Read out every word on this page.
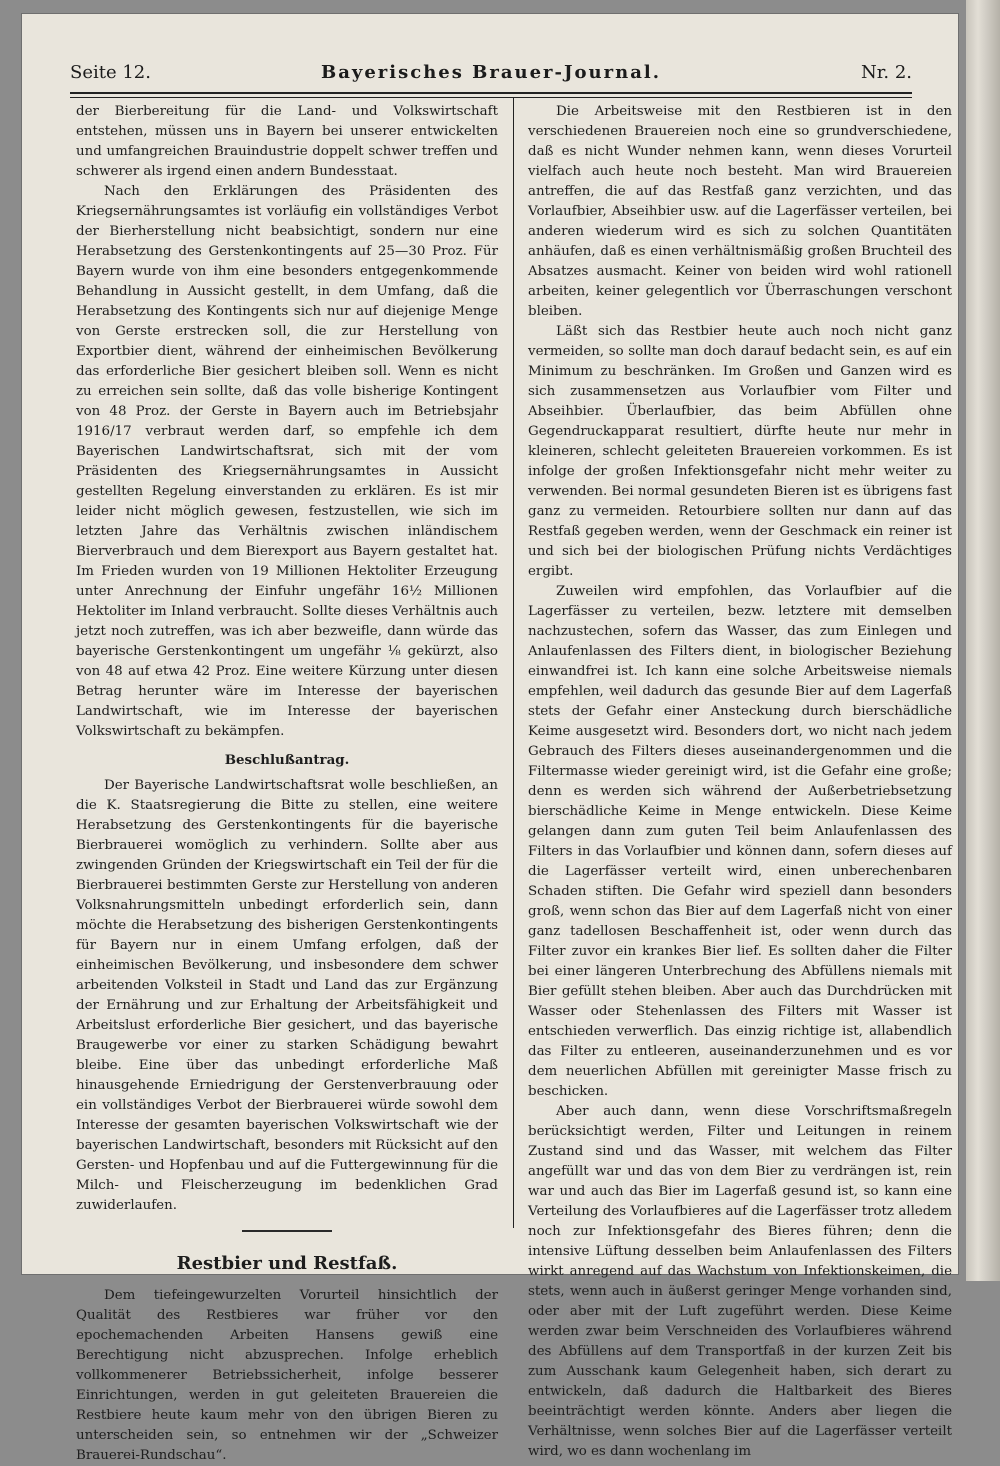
Seite 12.	Bayerisches Brauer-Journal.	Nr. 2.

der Bierbereitung für die Land- und Volkswirtschaft entstehen, müssen uns in Bayern bei unserer entwickelten und umfangreichen Brauindustrie doppelt schwer treffen und schwerer als irgend einen andern Bundesstaat.

Nach den Erklärungen des Präsidenten des Kriegsernährungsamtes ist vorläufig ein vollständiges Verbot der Bierherstellung nicht beabsichtigt, sondern nur eine Herabsetzung des Gerstenkontingents auf 25—30 Proz. Für Bayern wurde von ihm eine besonders entgegenkommende Behandlung in Aussicht gestellt, in dem Umfang, daß die Herabsetzung des Kontingents sich nur auf diejenige Menge von Gerste erstrecken soll, die zur Herstellung von Exportbier dient, während der einheimischen Bevölkerung das erforderliche Bier gesichert bleiben soll. Wenn es nicht zu erreichen sein sollte, daß das volle bisherige Kontingent von 48 Proz. der Gerste in Bayern auch im Betriebsjahr 1916/17 verbraut werden darf, so empfehle ich dem Bayerischen Landwirtschaftsrat, sich mit der vom Präsidenten des Kriegsernährungsamtes in Aussicht gestellten Regelung einverstanden zu erklären. Es ist mir leider nicht möglich gewesen, festzustellen, wie sich im letzten Jahre das Verhältnis zwischen inländischem Bierverbrauch und dem Bierexport aus Bayern gestaltet hat. Im Frieden wurden von 19 Millionen Hektoliter Erzeugung unter Anrechnung der Einfuhr ungefähr 16½ Millionen Hektoliter im Inland verbraucht. Sollte dieses Verhältnis auch jetzt noch zutreffen, was ich aber bezweifle, dann würde das bayerische Gerstenkontingent um ungefähr ⅛ gekürzt, also von 48 auf etwa 42 Proz. Eine weitere Kürzung unter diesen Betrag herunter wäre im Interesse der bayerischen Landwirtschaft, wie im Interesse der bayerischen Volkswirtschaft zu bekämpfen.

Beschlußantrag.

Der Bayerische Landwirtschaftsrat wolle beschließen, an die K. Staatsregierung die Bitte zu stellen, eine weitere Herabsetzung des Gerstenkontingents für die bayerische Bierbrauerei womöglich zu verhindern. Sollte aber aus zwingenden Gründen der Kriegswirtschaft ein Teil der für die Bierbrauerei bestimmten Gerste zur Herstellung von anderen Volksnahrungsmitteln unbedingt erforderlich sein, dann möchte die Herabsetzung des bisherigen Gerstenkontingents für Bayern nur in einem Umfang erfolgen, daß der einheimischen Bevölkerung, und insbesondere dem schwer arbeitenden Volksteil in Stadt und Land das zur Ergänzung der Ernährung und zur Erhaltung der Arbeitsfähigkeit und Arbeitslust erforderliche Bier gesichert, und das bayerische Braugewerbe vor einer zu starken Schädigung bewahrt bleibe. Eine über das unbedingt erforderliche Maß hinausgehende Erniedrigung der Gerstenverbrauung oder ein vollständiges Verbot der Bierbrauerei würde sowohl dem Interesse der gesamten bayerischen Volkswirtschaft wie der bayerischen Landwirtschaft, besonders mit Rücksicht auf den Gersten- und Hopfenbau und auf die Futtergewinnung für die Milch- und Fleischerzeugung im bedenklichen Grad zuwiderlaufen.

Restbier und Restfaß.

Dem tiefeingewurzelten Vorurteil hinsichtlich der Qualität des Restbieres war früher vor den epochemachenden Arbeiten Hansens gewiß eine Berechtigung nicht abzusprechen. Infolge erheblich vollkommenerer Betriebssicherheit, infolge besserer Einrichtungen, werden in gut geleiteten Brauereien die Restbiere heute kaum mehr von den übrigen Bieren zu unterscheiden sein, so entnehmen wir der „Schweizer Brauerei-Rundschau“.

Die Arbeitsweise mit den Restbieren ist in den verschiedenen Brauereien noch eine so grundverschiedene, daß es nicht Wunder nehmen kann, wenn dieses Vorurteil vielfach auch heute noch besteht. Man wird Brauereien antreffen, die auf das Restfaß ganz verzichten, und das Vorlaufbier, Abseihbier usw. auf die Lagerfässer verteilen, bei anderen wiederum wird es sich zu solchen Quantitäten anhäufen, daß es einen verhältnismäßig großen Bruchteil des Absatzes ausmacht. Keiner von beiden wird wohl rationell arbeiten, keiner gelegentlich vor Überraschungen verschont bleiben.

Läßt sich das Restbier heute auch noch nicht ganz vermeiden, so sollte man doch darauf bedacht sein, es auf ein Minimum zu beschränken. Im Großen und Ganzen wird es sich zusammensetzen aus Vorlaufbier vom Filter und Abseihbier. Überlaufbier, das beim Abfüllen ohne Gegendruckapparat resultiert, dürfte heute nur mehr in kleineren, schlecht geleiteten Brauereien vorkommen. Es ist infolge der großen Infektionsgefahr nicht mehr weiter zu verwenden. Bei normal gesundeten Bieren ist es übrigens fast ganz zu vermeiden. Retourbiere sollten nur dann auf das Restfaß gegeben werden, wenn der Geschmack ein reiner ist und sich bei der biologischen Prüfung nichts Verdächtiges ergibt.

Zuweilen wird empfohlen, das Vorlaufbier auf die Lagerfässer zu verteilen, bezw. letztere mit demselben nachzustechen, sofern das Wasser, das zum Einlegen und Anlaufenlassen des Filters dient, in biologischer Beziehung einwandfrei ist. Ich kann eine solche Arbeitsweise niemals empfehlen, weil dadurch das gesunde Bier auf dem Lagerfaß stets der Gefahr einer Ansteckung durch bierschädliche Keime ausgesetzt wird. Besonders dort, wo nicht nach jedem Gebrauch des Filters dieses auseinandergenommen und die Filtermasse wieder gereinigt wird, ist die Gefahr eine große; denn es werden sich während der Außerbetriebsetzung bierschädliche Keime in Menge entwickeln. Diese Keime gelangen dann zum guten Teil beim Anlaufenlassen des Filters in das Vorlaufbier und können dann, sofern dieses auf die Lagerfässer verteilt wird, einen unberechenbaren Schaden stiften. Die Gefahr wird speziell dann besonders groß, wenn schon das Bier auf dem Lagerfaß nicht von einer ganz tadellosen Beschaffenheit ist, oder wenn durch das Filter zuvor ein krankes Bier lief. Es sollten daher die Filter bei einer längeren Unterbrechung des Abfüllens niemals mit Bier gefüllt stehen bleiben. Aber auch das Durchdrücken mit Wasser oder Stehenlassen des Filters mit Wasser ist entschieden verwerflich. Das einzig richtige ist, allabendlich das Filter zu entleeren, auseinanderzunehmen und es vor dem neuerlichen Abfüllen mit gereinigter Masse frisch zu beschicken.

Aber auch dann, wenn diese Vorschriftsmaßregeln berücksichtigt werden, Filter und Leitungen in reinem Zustand sind und das Wasser, mit welchem das Filter angefüllt war und das von dem Bier zu verdrängen ist, rein war und auch das Bier im Lagerfaß gesund ist, so kann eine Verteilung des Vorlaufbieres auf die Lagerfässer trotz alledem noch zur Infektionsgefahr des Bieres führen; denn die intensive Lüftung desselben beim Anlaufenlassen des Filters wirkt anregend auf das Wachstum von Infektionskeimen, die stets, wenn auch in äußerst geringer Menge vorhanden sind, oder aber mit der Luft zugeführt werden. Diese Keime werden zwar beim Verschneiden des Vorlaufbieres während des Abfüllens auf dem Transportfaß in der kurzen Zeit bis zum Ausschank kaum Gelegenheit haben, sich derart zu entwickeln, daß dadurch die Haltbarkeit des Bieres beeinträchtigt werden könnte. Anders aber liegen die Verhältnisse, wenn solches Bier auf die Lagerfässer verteilt wird, wo es dann wochenlang im
